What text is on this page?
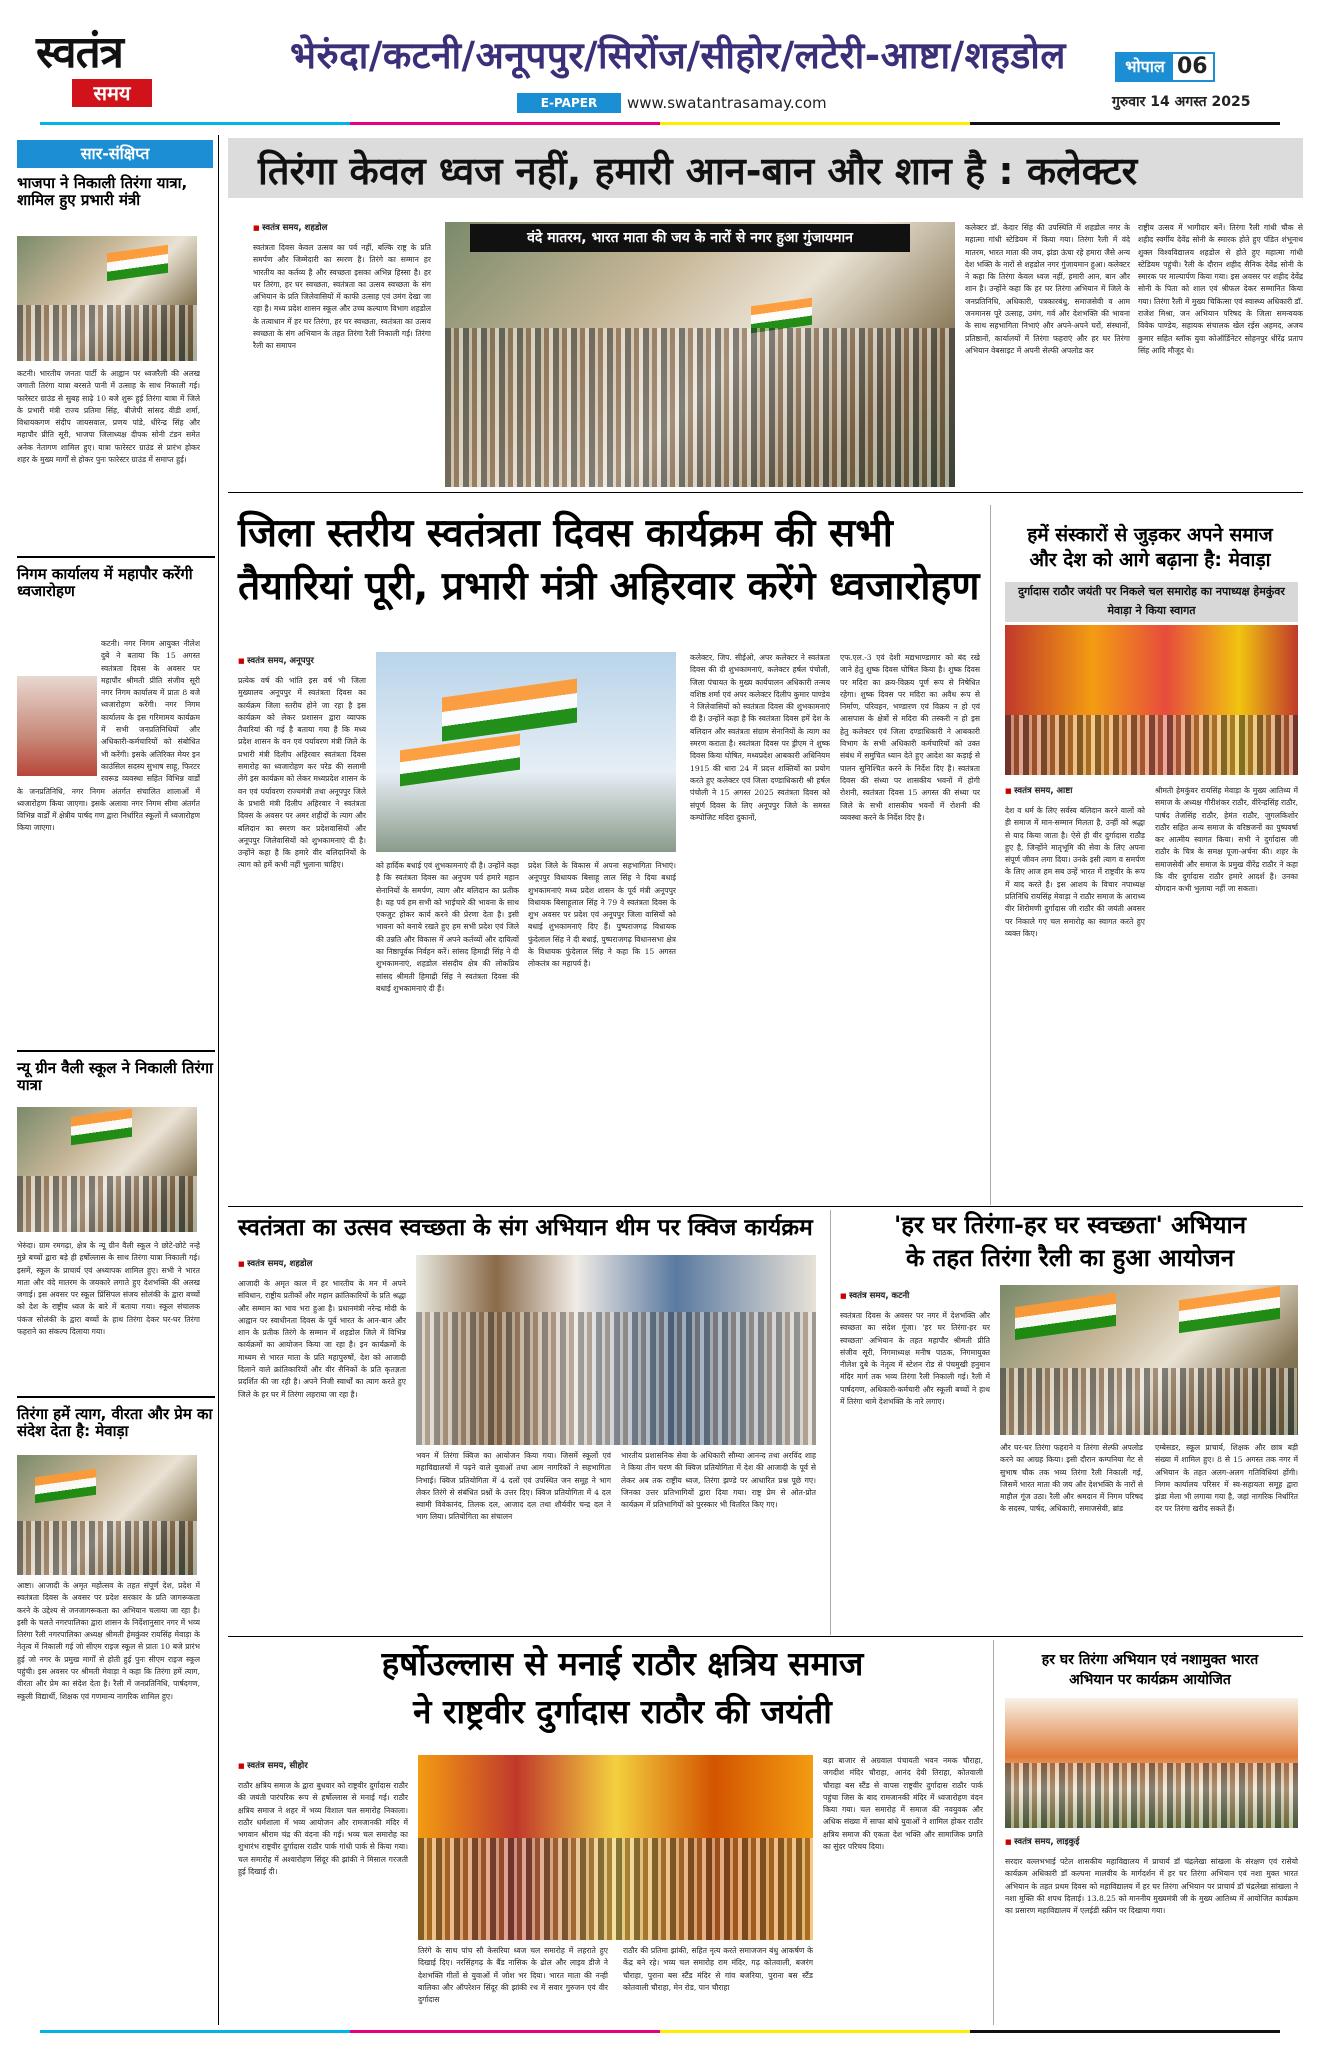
स्वतंत्र
समय
भेरुंदा/कटनी/अनूपपुर/सिरोंज/सीहोर/लटेरी-आष्टा/शहडोल
E-PAPER	www.swatantrasamay.com
भोपाल 06
गुरुवार 14 अगस्त 2025
सार-संक्षिप्त
भाजपा ने निकाली तिरंगा यात्रा, शामिल हुए प्रभारी मंत्री
कटनी। भारतीय जनता पार्टी के आह्वान पर ध्वजरैली की अलख जगाती तिरंगा यात्रा बरसते पानी में उत्साह के साथ निकाली गई। फारेस्टर ग्राउंड से सुबह साढ़े 10 बजे शुरू हुई तिरंगा यात्रा में जिले के प्रभारी मंत्री राज्य प्रतिमा सिंह, बीजेपी सांसद वीडी शर्मा, विधायकगण संदीप जायसवाल, प्रणय पांडे, धीरेन्द्र सिंह और महापौर प्रीति सूरी, भाजपा जिलाध्यक्ष दीपक सोनी टंडन समेत अनेक नेतागण शामिल हुए। यात्रा फारेस्टर ग्राउंड से प्रारंभ होकर शहर के मुख्य मार्गों से होकर पुनः फारेस्टर ग्राउंड में समाप्त हुई।
निगम कार्यालय में महापौर करेंगी ध्वजारोहण
कटनी। नगर निगम आयुक्त नीलेश दुबे ने बताया कि 15 अगस्त स्वतंत्रता दिवस के अवसर पर महापौर श्रीमती प्रीति संजीव सूरी नगर निगम कार्यालय में प्रातः 8 बजे ध्वजारोहण करेंगी। नगर निगम कार्यालय के इस गरिमामय कार्यक्रम में सभी जनप्रतिनिधियों और अधिकारी-कर्मचारियों को संबोधित भी करेंगी। इसके अतिरिक्त मेयर इन काउंसिल सदस्य सुभाष साहू, फिरटर रवरूड व्यवस्था सहित विभिन्न वार्डों के जनप्रतिनिधि, नगर निगम अंतर्गत संचालित शालाओं में ध्वजारोहण किया जाएगा। इसके अलावा नगर निगम सीमा अंतर्गत विभिन्न वार्डों में क्षेत्रीय पार्षद गण द्वारा निर्धारित स्कूलों में ध्वजारोहण किया जाएगा।
न्यू ग्रीन वैली स्कूल ने निकाली तिरंगा यात्रा
भेरुंदा। ग्राम रमगढ़ा, क्षेत्र के न्यू ग्रीन वैली स्कूल ने छोटे-छोटे नन्हे मुन्ने बच्चों द्वारा बड़े ही हर्षोल्लास के साथ तिरंगा यात्रा निकाली गई। इसमें, स्कूल के प्राचार्य एवं अध्यापक शामिल हुए। सभी ने भारत माता और वंदे मातरम के जयकारे लगाते हुए देशभक्ति की अलख जगाई। इस अवसर पर स्कूल प्रिंसिपल संजय सोलंकी के द्वारा बच्चों को देश के राष्ट्रीय ध्वज के बारे में बताया गया। स्कूल संचालक पंकज सोलंकी के द्वारा बच्चों के हाथ तिरंगा देकर घर-घर तिरंगा फहराने का संकल्प दिलाया गया।
तिरंगा हमें त्याग, वीरता और प्रेम का संदेश देता है: मेवाड़ा
आष्टा। आजादी के अमृत महोत्सव के तहत संपूर्ण देश, प्रदेश में स्वतंत्रता दिवस के अवसर पर प्रदेश सरकार के प्रति जागरूकता करने के उद्देश्य से जनजागरूकता का अभियान चलाया जा रहा है। इसी के चलते नगरपालिका द्वारा शासन के निर्देशानुसार नगर में भव्य तिरंगा रैली नगरपालिका अध्यक्ष श्रीमती हेमकुंवर रायसिंह मेवाड़ा के नेतृत्व में निकाली गई जो सीएम राइज स्कूल से प्रातः 10 बजे प्रारंभ हुई जो नगर के प्रमुख मार्गों से होती हुई पुनः सीएम राइज स्कूल पहुंची। इस अवसर पर श्रीमती मेवाड़ा ने कहा कि तिरंगा हमें त्याग, वीरता और प्रेम का संदेश देता है। रैली में जनप्रतिनिधि, पार्षदगण, स्कूली विद्यार्थी, शिक्षक एवं गणमान्य नागरिक शामिल हुए।
तिरंगा केवल ध्वज नहीं, हमारी आन-बान और शान है : कलेक्टर
■ स्वतंत्र समय, शहडोल
स्वतंत्रता दिवस केवल उत्सव का पर्व नहीं, बल्कि राष्ट्र के प्रति समर्पण और जिम्मेदारी का स्मरण है। तिरंगे का सम्मान हर भारतीय का कर्तव्य है और स्वच्छता इसका अभिन्न हिस्सा है। हर घर तिरंगा, हर घर स्वच्छता, स्वतंत्रता का उत्सव स्वच्छता के संग अभियान के प्रति जिलेवासियों में काफी उत्साह एवं उमंग देखा जा रहा है। मध्य प्रदेश शासन स्कूल और उच्च कल्याण विभाग शहडोल के तत्वाधान में हर घर तिरंगा, हर घर स्वच्छता, स्वतंत्रता का उत्सव स्वच्छता के संग अभियान के तहत तिरंगा रैली निकाली गई। तिरंगा रैली का समापन
वंदे मातरम, भारत माता की जय के नारों से नगर हुआ गुंजायमान
कलेक्टर डॉ. केदार सिंह की उपस्थिति में शहडोल नगर के महात्मा गांधी स्टेडियम में किया गया। तिरंगा रैली में वंदे मातरम, भारत माता की जय, झंडा ऊंचा रहे हमारा जैसे अन्य देश भक्ति के नारों से शहडोल नगर गुंजायमान हुआ। कलेक्टर ने कहा कि तिरंगा केवल ध्वज नहीं, हमारी आन, बान और शान है। उन्होंने कहा कि हर घर तिरंगा अभियान में जिले के जनप्रतिनिधि, अधिकारी, पत्रकारबंधु, समाजसेवी व आम जनमानस पूरे उत्साह, उमंग, गर्व और देशभक्ति की भावना के साथ सहभागिता निभाएं और अपने-अपने घरों, संस्थानों, प्रतिष्ठानों, कार्यालयों में तिरंगा फहराएं और हर घर तिरंगा अभियान वेबसाइट में अपनी सेल्फी अपलोड कर
राष्ट्रीय उत्सव में भागीदार बनें। तिरंगा रैली गांधी चौक से शहीद स्वर्गीय देवेंद्र सोनी के स्मारक होते हुए पंडित शंभूनाथ शुक्ल विश्वविद्यालय शहडोल से होते हुए महात्मा गांधी स्टेडियम पहुंची। रैली के दौरान शहीद सैनिक देवेंद्र सोनी के स्मारक पर माल्यार्पण किया गया। इस अवसर पर शहीद देवेंद्र सोनी के पिता को शाल एवं श्रीफल देकर सम्मानित किया गया। तिरंगा रैली में मुख्य चिकित्सा एवं स्वास्थ्य अधिकारी डॉ. राजेश मिश्रा, जन अभियान परिषद के जिला समन्वयक विवेक पाण्डेय, सहायक संचालक खेल रईस अहमद, अजय कुमार सहित ब्लॉक युवा कोऑर्डिनेटर सोहनपुर धीरेंद्र प्रताप सिंह आदि मौजूद थे।
जिला स्तरीय स्वतंत्रता दिवस कार्यक्रम की सभी
तैयारियां पूरी, प्रभारी मंत्री अहिरवार करेंगे ध्वजारोहण
■ स्वतंत्र समय, अनूपपुर
प्रत्येक वर्ष की भांति इस वर्ष भी जिला मुख्यालय अनूपपुर में स्वतंत्रता दिवस का कार्यक्रम जिला स्तरीय होने जा रहा है इस कार्यक्रम को लेकर प्रशासन द्वारा व्यापक तैयारियां की गई है बताया गया है कि मध्य प्रदेश शासन के वन एवं पर्यावरण मंत्री जिले के प्रभारी मंत्री दिलीप अहिरवार स्वतंत्रता दिवस समारोह का ध्वजारोहण कर परेड की सलामी लेंगे इस कार्यक्रम को लेकर मध्यप्रदेश शासन के वन एवं पर्यावरण राज्यमंत्री तथा अनूपपुर जिले के प्रभारी मंत्री दिलीप अहिरवार ने स्वतंत्रता दिवस के अवसर पर अमर शहीदों के त्याग और बलिदान का स्मरण कर प्रदेशवासियों और अनूपपुर जिलेवासियों को शुभकामनाएं दी है। उन्होंने कहा है कि हमारे वीर बलिदानियों के त्याग को हमें कभी नहीं भुलाना चाहिए।	को हार्दिक बधाई एवं शुभकामनाएं दी है। उन्होंने कहा है कि स्वतंत्रता दिवस का अनुपम पर्व हमारे महान सेनानियों के समर्पण, त्याग और बलिदान का प्रतीक है। यह पर्व हम सभी को भाईचारे की भावना के साथ एकजुट होकर कार्य करने की प्रेरणा देता है। इसी भावना को बनाये रखते हुए हम सभी प्रदेश एवं जिले की उन्नति और विकास में अपने कर्तव्यों और दायित्वों का निष्ठापूर्वक निर्वहन करें। सांसद हिमाद्री सिंह ने दी शुभकामनाएं, शहडोल संसदीय क्षेत्र की लोकप्रिय सांसद श्रीमती हिमाद्री सिंह ने स्वतंत्रता दिवस की बधाई शुभकामनाएं दी हैं।
प्रदेश जिले के विकास में अपना सहभागिता निभाएं। अनूपपुर विधायक बिसाहू लाल सिंह ने दिया बधाई शुभकामनाएं मध्य प्रदेश शासन के पूर्व मंत्री अनूपपुर विधायक बिसाहूलाल सिंह ने 79 वे स्वतंत्रता दिवस के शुभ अवसर पर प्रदेश एवं अनूपपुर जिला वासियों को बधाई शुभकामनाएं दिए हैं। पुष्पराजगढ़ विधायक फुंदेलाल सिंह ने दी बधाई, पुष्पराजगढ़ विधानसभा क्षेत्र के विधायक फुंदेलाल सिंह ने कहा कि 15 अगस्त लोकतंत्र का महापर्व है।
कलेक्टर, जिप. सीईओ, अपर कलेक्टर ने स्वतंत्रता दिवस की दी शुभकामनाएं, कलेक्टर हर्षल पंचोली, जिला पंचायत के मुख्य कार्यपालन अधिकारी तन्मय वशिष्ठ शर्मा एवं अपर कलेक्टर दिलीप कुमार पाण्डेय ने जिलेवासियों को स्वतंत्रता दिवस की शुभकामनाएं दी है। उन्होंने कहा है कि स्वतंत्रता दिवस हमें देश के बलिदान और स्वतंत्रता संग्राम सेनानियों के त्याग का स्मरण कराता है। स्वतंत्रता दिवस पर ड्रीएम ने शुष्क दिवस किया घोषित, मध्यप्रदेश आबकारी अधिनियम 1915 की धारा 24 में प्रदत्त शक्तियों का प्रयोग करते हुए कलेक्टर एवं जिला दण्डाधिकारी श्री हर्षल पंचोली ने 15 अगस्त 2025 स्वतंत्रता दिवस को संपूर्ण दिवस के लिए अनूपपुर जिले के समस्त कम्पोजिट मदिरा दुकानों,
एफ.एल.-3 एवं देशी मद्यभाण्डागार को बंद रखे जाने हेतु शुष्क दिवस घोषित किया है। शुष्क दिवस पर मदिरा का क्रय-विक्रय पूर्ण रूप से निषेधित रहेगा। शुष्क दिवस पर मदिरा का अवैध रूप से निर्माण, परिवहन, भण्डारण एवं विक्रय न हो एवं आसपास के क्षेत्रों से मदिरा की तस्करी न हो इस हेतु कलेक्टर एवं जिला दण्डाधिकारी ने आबकारी विभाग के सभी अधिकारी कर्मचारियों को उक्त संबंध में समुचित ध्यान देते हुए आदेश का कड़ाई से पालन सुनिश्चित करने के निर्देश दिए है। स्वतंत्रता दिवस की संध्या पर शासकीय भवनों में होगी रोशनी, स्वतंत्रता दिवस 15 अगस्त की संध्या पर जिले के सभी शासकीय भवनों में रोशनी की व्यवस्था करने के निर्देश दिए है।
हमें संस्कारों से जुड़कर अपने समाज
और देश को आगे बढ़ाना है: मेवाड़ा
दुर्गादास राठौर जयंती पर निकले चल समारोह का नपाध्यक्ष हेमकुंवर मेवाड़ा ने किया स्वागत
■ स्वतंत्र समय, आष्टा
देश व धर्म के लिए सर्वस्व बलिदान करने वालों को ही समाज में मान-सम्मान मिलता है, उन्हीं को श्रद्धा से याद किया जाता है। ऐसे ही वीर दुर्गादास राठौड़ हुए है, जिन्होंने मातृभूमि की सेवा के लिए अपना संपूर्ण जीवन लगा दिया। उनके इसी त्याग व समर्पण के लिए आज हम सब उन्हें भारत में राष्ट्रवीर के रूप में याद करते है। इस आशय के विचार नपाध्यक्ष प्रतिनिधि रायसिंह मेवाड़ा ने राठौर समाज के आराध्य वीर शिरोमणी दुर्गादास जी राठौर की जयंती अवसर पर निकाले गए चल समारोह का स्वागत करते हुए व्यक्त किए।
श्रीमती हेमकुंवर रायसिंह मेवाड़ा के मुख्य आतिथ्य में समाज के अध्यक्ष गौरीशंकर राठौर, वीरेन्द्रसिंह राठौर, पार्षद तेजसिंह राठौर, हेमंत राठौर, जुगलकिशोर राठौर सहित अन्य समाज के वरिष्ठजनों का पुष्पवर्षा कर आत्मीय स्वागत किया। सभी ने दुर्गादास जी राठौर के चित्र के समक्ष पूजा-अर्चना की। शहर के समाजसेवी और समाज के प्रमुख वीरेंद्र राठौर ने कहा कि वीर दुर्गादास राठौर हमारे आदर्श है। उनका योगदान कभी भुलाया नहीं जा सकता।
स्वतंत्रता का उत्सव स्वच्छता के संग अभियान थीम पर क्विज कार्यक्रम
■ स्वतंत्र समय, शहडोल
आजादी के अमृत काल में हर भारतीय के मन में अपने संविधान, राष्ट्रीय प्रतीकों और महान क्रांतिकारियों के प्रति श्रद्धा और सम्मान का भाव भरा हुआ है। प्रधानमंत्री नरेन्द्र मोदी के आह्वान पर स्वाधीनता दिवस के पूर्व भारत के आन-बान और शान के प्रतीक तिरंगे के सम्मान में शहडोल जिले में विभिन्न कार्यक्रमों का आयोजन किया जा रहा है। इन कार्यक्रमों के माध्यम से भारत माता के प्रति महापुरुषों, देश को आजादी दिलाने वाले क्रांतिकारियों और वीर सैनिकों के प्रति कृतज्ञता प्रदर्शित की जा रही है। अपने निजी स्वार्थों का त्याग करते हुए जिले के हर घर में तिरंगा लहराया जा रहा है।
भवन में तिरंगा क्विज का आयोजन किया गया। जिसमें स्कूलों एवं महाविद्यालयों में पढ़ने वाले युवाओं तथा आम नागरिकों ने सहभागिता निभाई। क्विज प्रतियोगिता में 4 दलों एवं उपस्थित जन समूह ने भाग लेकर तिरंगे से संबंधित प्रश्नों के उत्तर दिए। क्विज प्रतियोगिता में 4 दल स्वामी विवेकानंद, तिलक दल, आजाद दल तथा शौर्यवीर चन्द्र दल ने भाग लिया। प्रतियोगिता का संचालन
भारतीय प्रशासनिक सेवा के अधिकारी सौम्या आनन्द तथा अरविंद शाह ने किया तीन चरण की क्विज प्रतियोगिता में देश की आजादी के पूर्व से लेकर अब तक राष्ट्रीय ध्वज, तिरंगा झण्डे पर आधारित प्रश्न पूछे गए। जिनका उत्तर प्रतिभागियों द्वारा दिया गया। राष्ट्र प्रेम से ओत-प्रोत कार्यक्रम में प्रतिभागियों को पुरस्कार भी वितरित किए गए।
'हर घर तिरंगा-हर घर स्वच्छता' अभियान
के तहत तिरंगा रैली का हुआ आयोजन
■ स्वतंत्र समय, कटनी
स्वतंत्रता दिवस के अवसर पर नगर में देशभक्ति और स्वच्छता का संदेश गूंजा। 'हर घर तिरंगा-हर घर स्वच्छता' अभियान के तहत महापौर श्रीमती प्रीति संजीव सूरी, निगमाध्यक्ष मनीष पाठक, निगमायुक्त नीलेश दुबे के नेतृत्व में स्टेशन रोड से पंचमुखी हनुमान मंदिर मार्ग तक भव्य तिरंगा रैली निकाली गई। रैली में पार्षदगण, अधिकारी-कर्मचारी और स्कूली बच्चों ने हाथ में तिरंगा थामे देशभक्ति के नारे लगाए।
और घर-घर तिरंगा फहराने व तिरंगा सेल्फी अपलोड करने का आग्रह किया। इसी दौरान कम्पनिया गेट से सुभाष चौक तक भव्य तिरंगा रैली निकाली गई, जिसमें भारत माता की जय और देशभक्ति के नारों से माहौल गूंज उठा। रैली और श्रमदान में निगम परिषद के सदस्य, पार्षद, अधिकारी, समाजसेवी, ब्रांड
एम्बेसडर, स्कूल प्राचार्य, शिक्षक और छात्र बड़ी संख्या में शामिल हुए। 8 से 15 अगस्त तक नगर में अभियान के तहत अलग-अलग गतिविधियां होंगी। निगम कार्यालय परिसर में स्व-सहायता समूह द्वारा झंडा मेला भी लगाया गया है, जहां नागरिक निर्धारित दर पर तिरंगा खरीद सकते हैं।
हर्षोउल्लास से मनाई राठौर क्षत्रिय समाज
ने राष्ट्रवीर दुर्गादास राठौर की जयंती
■ स्वतंत्र समय, सीहोर
राठौर क्षत्रिय समाज के द्वारा बुधवार को राष्ट्रवीर दुर्गादास राठौर की जयंती पारंपरिक रूप से हर्षोल्लास से मनाई गई। राठौर क्षत्रिय समाज ने शहर में भव्य विशाल चल समारोह निकाला। राठौर धर्मशाला में भव्य आयोजन और रामजानकी मंदिर में भगवान श्रीराम चंद्र की वंदना की गई। भव्य चल समारोह का शुभारंभ राष्ट्रवीर दुर्गादास राठौर पार्क गांधी पार्क से किया गया। चल समारोह में अश्वारोहण सिंदूर की झांकी ने मिसाल गरजती हुई दिखाई दी।
तिरंगे के साथ पांच सौ केसरिया ध्वज चल समारोह में लहराते हुए दिखाई दिए। नरसिंहगढ़ के बैंड नासिक के ढोल और लाइव डीजे ने देशभक्ति गीतों से युवाओं में जोश भर दिया। भारत माता की नन्ही बालिका और ऑपरेशन सिंदूर की झांकी रथ में सवार गुरुजन एवं वीर दुर्गादास
राठौर की प्रतिमा झांकी, सहित नृत्य करते समाजजन बंधु आकर्षण के केंद्र बने रहे। भव्य चल समारोह राम मंदिर, गढ़ कोतवाली, बजरंग चौराहा, पुराना बस स्टैंड मंदिर से गांव बजरिया, पुराना बस स्टैंड कोतवाली चौराहा, मेन रोड, पान चौराहा
बड़ा बाजार से अग्रवाल पंचायती भवन नमक चौराहा, जगदीश मंदिर चौराहा, आनंद देवी तिराहा, कोतवाली चौराहा बस स्टैंड से वापस राष्ट्रवीर दुर्गादास राठौर पार्क पहुंचा जिस के बाद रामजानकी मंदिर में ध्वजारोहण वंदन किया गया। चल समारोह में समाज की नवयुवक और अधिक संख्या में साफा बांधे युवाओं ने शामिल होकर राठौर क्षत्रिय समाज की एकता देश भक्ति और सामाजिक प्रगति का सुंदर परिचय दिया।
हर घर तिरंगा अभियान एवं नशामुक्त भारत
अभियान पर कार्यक्रम आयोजित
■ स्वतंत्र समय, लाइकुई
सरदार वल्लभभाई पटेल शासकीय महाविद्यालय में प्राचार्य डॉ चंद्रलेखा सांखला के संरक्षण एवं रासेयो कार्यक्रम अधिकारी डॉ कल्पना मालवीय के मार्गदर्शन में हर घर तिरंगा अभियान एवं नशा मुक्त भारत अभियान के तहत प्रथम दिवस को महाविद्यालय में हर घर तिरंगा अभियान पर प्राचार्य डॉ चंद्रलेखा सांखला ने नशा मुक्ति की शपथ दिलाई। 13.8.25 को माननीय मुख्यमंत्री जी के मुख्य आतिथ्य में आयोजित कार्यक्रम का प्रसारण महाविद्यालय में एलईडी स्क्रीन पर दिखाया गया।
